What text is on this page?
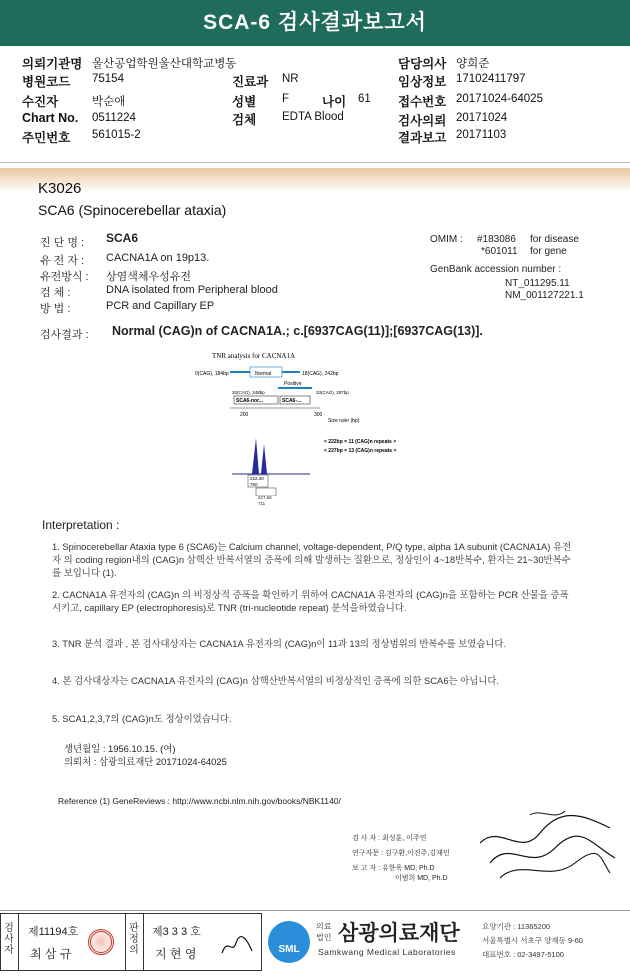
SCA-6 검사결과보고서
의뢰기관명 울산공업학원울산대학교병동
병원코드 75154	진료과 NR
수진자	박순애	성별 F	나이 61
Chart No. 0511224	검체 EDTA Blood
주민번호 561015-2
담당의사 양희준
임상정보 17102411797
접수번호 20171024-64025
검사의뢰 20171024
결과보고 20171103
K3026
SCA6 (Spinocerebellar ataxia)
진 단 명 : SCA6
유 전 자 : CACNA1A on 19p13.
유전방식 : 상염색체우성유전
검 체 :	DNA isolated from Peripheral blood
방 법 :	PCR and Capillary EP
OMIM : #183086 for disease
*601011 for gene
GenBank accession number :
NT_011295.11
NM_001127221.1
검사결과 : Normal (CAG)n of CACNA1A.; c.[6937CAG(11)];[6937CAG(13)].
TNR analysis for CACNA1A
0(CAG), 184bp	Normal	18(CAG), 242bp
Positive
20(CAG), 248bp	33(CAG), 287bp
SCA6-nor...	SCA6-...
200	300
Size ruler (bp)
< 222bp = 11 (CAG)n repeats >
< 227bp = 13 (CAG)n repeats >
222.30
760
227.66
711
Interpretation :
1. Spinocerebellar Ataxia type 6 (SCA6)는 Calcium channel, voltage-dependent, P/Q type, alpha 1A subunit (CACNA1A) 유전자 의 coding region내의 (CAG)n 삼핵산 반복서열의 증폭에 의해 발생하는 질환으로, 정상인이 4~18반복수, 환자는 21~30반복수를 보입니다 (1).
2. CACNA1A 유전자의 (CAG)n 의 비정상적 증폭을 확인하기 위하여 CACNA1A 유전자의 (CAG)n을 포함하는 PCR 산물을 증폭시키고, capillary EP (electrophoresis)로 TNR (tri-nucleotide repeat) 분석을하였습니다.
3. TNR 분석 결과 , 본 검사대상자는 CACNA1A 유전자의 (CAG)n이 11과 13의 정상범위의 반복수를 보였습니다.
4. 본 검사대상자는 CACNA1A 유전자의 (CAG)n 삼핵산반복서열의 비정상적인 증폭에 의한 SCA6는 아닙니다.
5. SCA1,2,3,7의 (CAG)n도 정상이었습니다.
생년월일 : 1956.10.15. (여)
의뢰처 : 삼광의료재단 20171024-64025
Reference (1) GeneReviews : http://www.ncbi.nlm.nih.gov/books/NBK1140/
검 사 자 : 최성훈, 이주연
연구자문 : 김구환,이진주,김재민
보 고 자 : 유한욱 MD, Ph.D
이범희 MD, Ph.D
검사자
제11194호
최 삼 규
판정의
제3 3 3 호
지 현 영	SML
의료
법인 삼광의료재단
Samkwang Medical Laboratories
요양기관 : 11365200
서울특별시 서초구 양재동 9-60
대표번호 : 02-3497-5100
